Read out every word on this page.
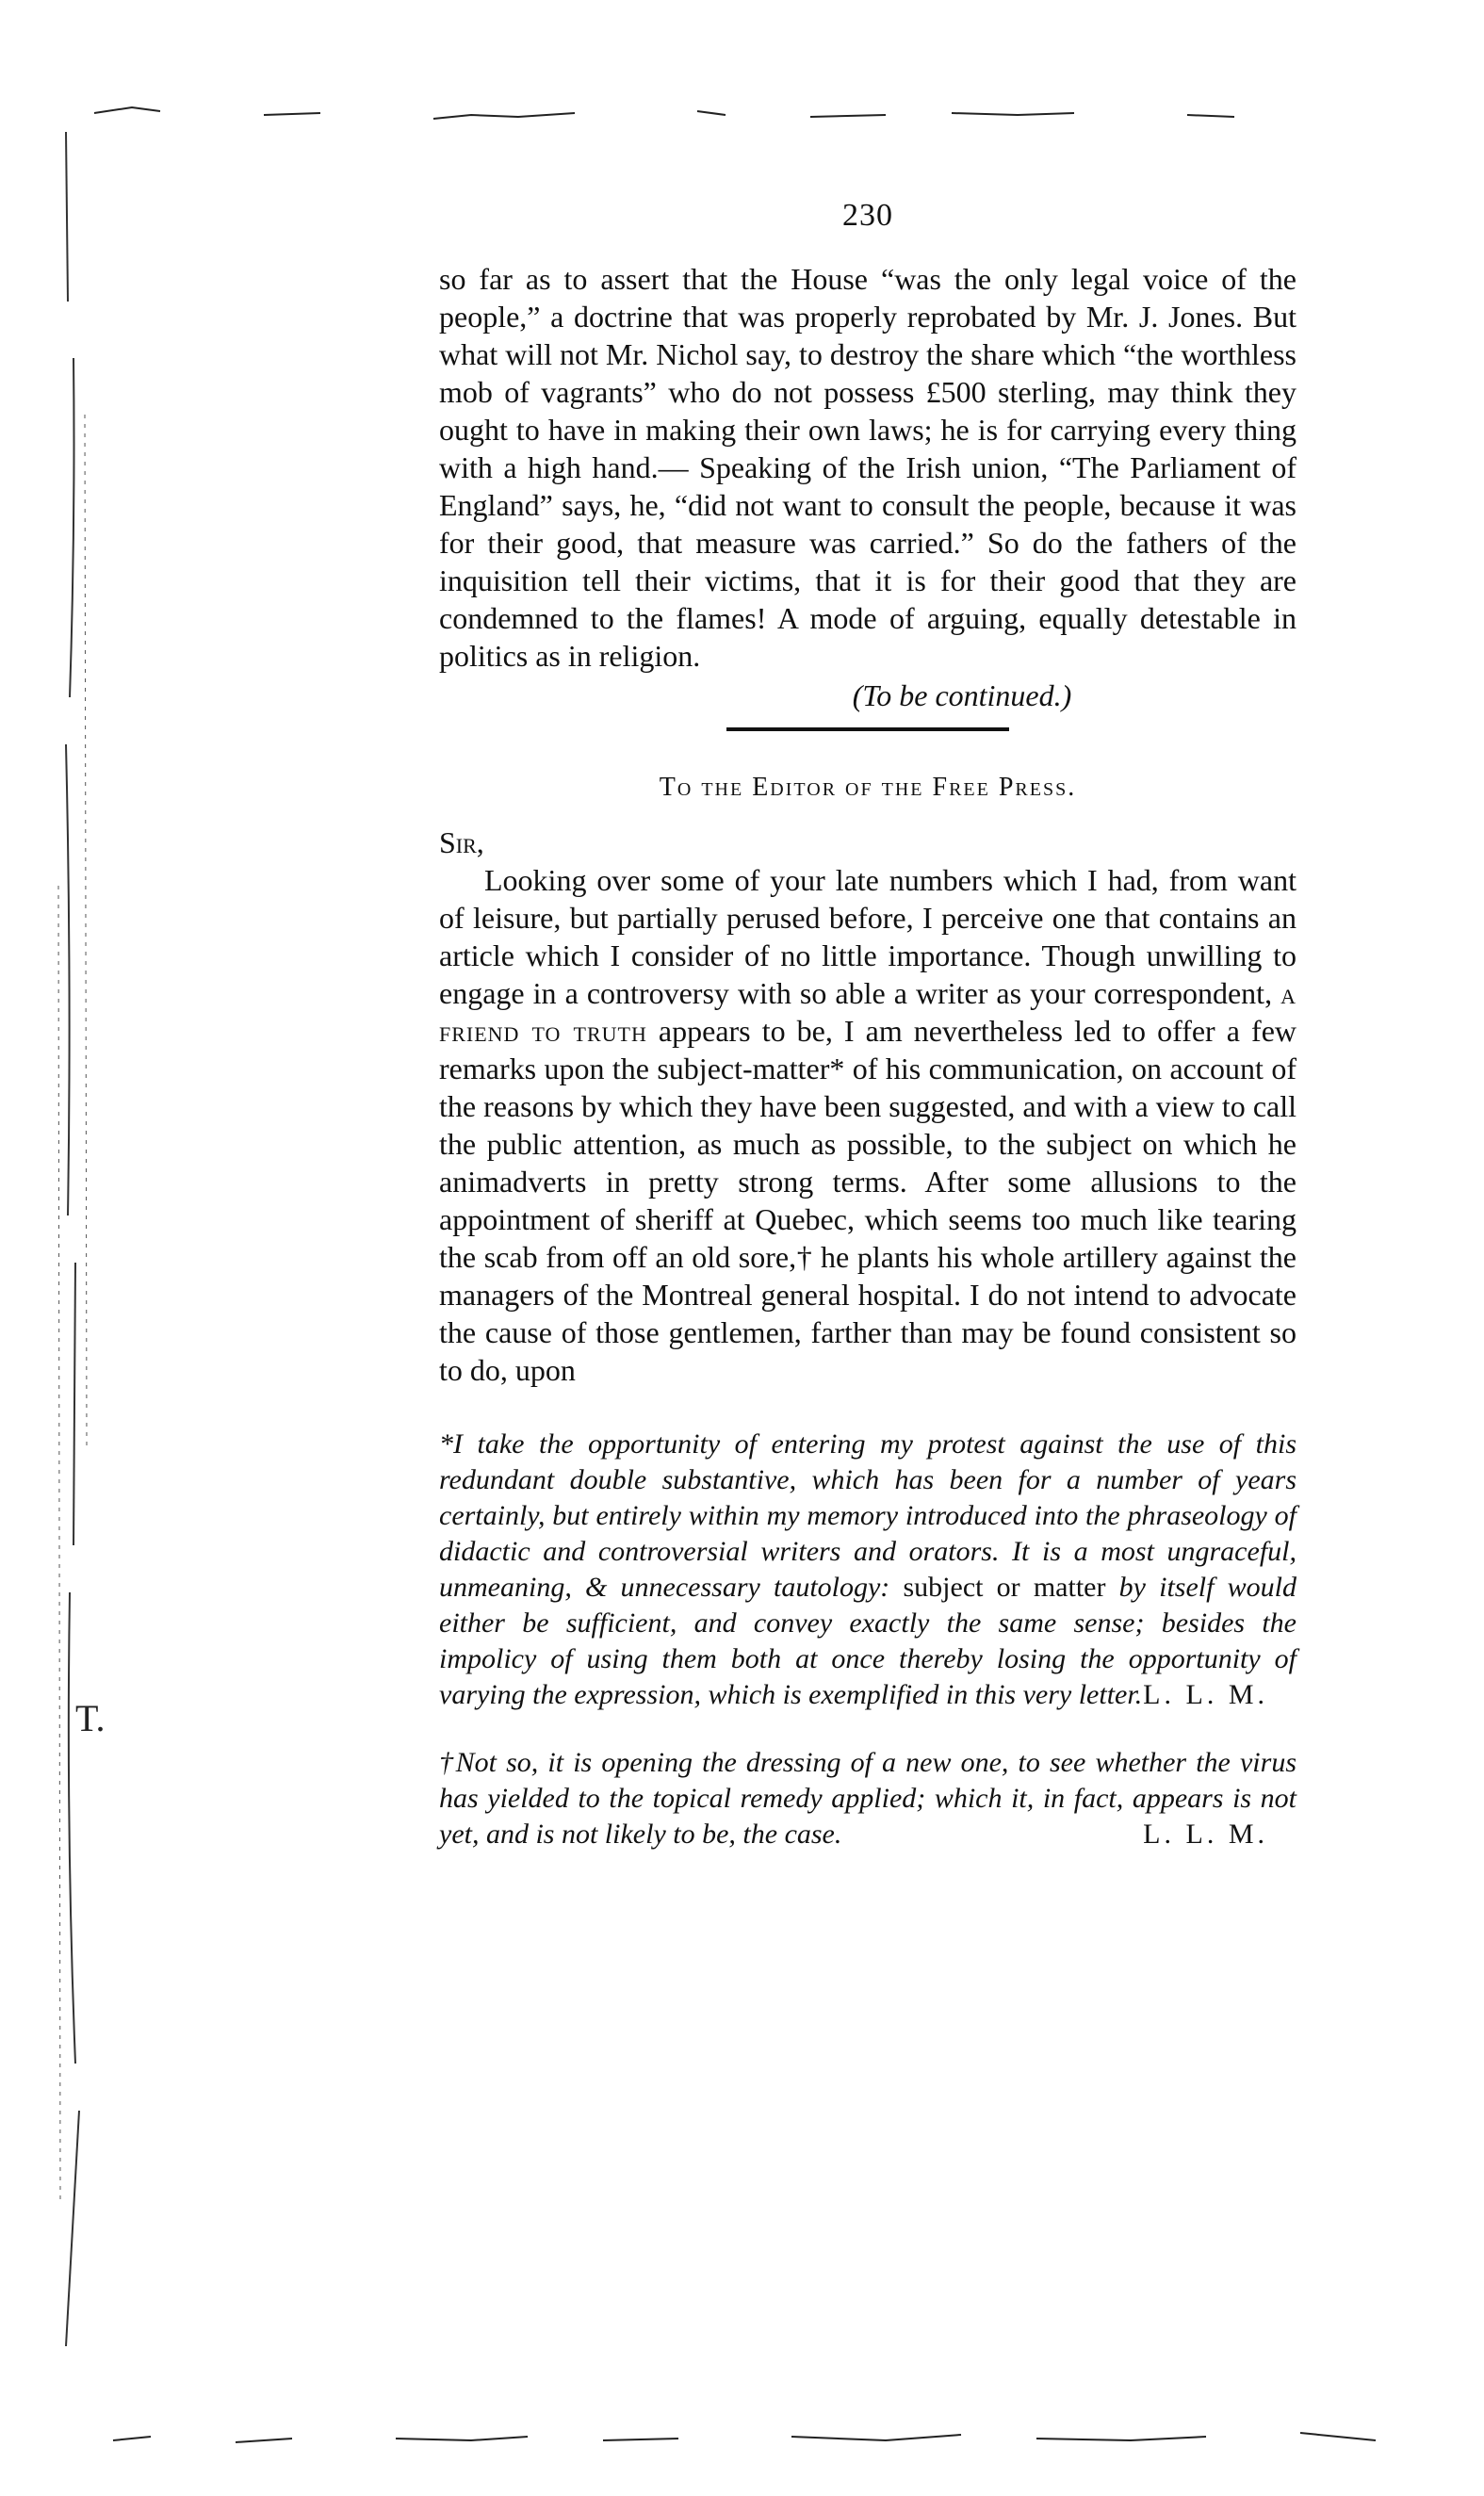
T.
230

so far as to assert that the House “was the only legal voice of the people,” a doctrine that was properly reprobated by Mr. J. Jones. But what will not Mr. Nichol say, to destroy the share which “the worthless mob of vagrants” who do not possess £500 sterling, may think they ought to have in making their own laws; he is for carrying every thing with a high hand.— Speaking of the Irish union, “The Parliament of England” says, he, “did not want to consult the people, because it was for their good, that measure was carried.” So do the fathers of the inquisition tell their victims, that it is for their good that they are condemned to the flames! A mode of arguing, equally detestable in politics as in religion.

(To be continued.)
To the Editor of the Free Press.

Sir,

Looking over some of your late numbers which I had, from want of leisure, but partially perused before, I perceive one that contains an article which I consider of no little importance. Though unwilling to engage in a controversy with so able a writer as your correspondent, a friend to truth appears to be, I am nevertheless led to offer a few remarks upon the subject-matter* of his communication, on account of the reasons by which they have been suggested, and with a view to call the public attention, as much as possible, to the subject on which he animadverts in pretty strong terms. After some allusions to the appointment of sheriff at Quebec, which seems too much like tearing the scab from off an old sore,† he plants his whole artillery against the managers of the Montreal general hospital. I do not intend to advocate the cause of those gentlemen, farther than may be found consistent so to do, upon

*I take the opportunity of entering my protest against the use of this redundant double substantive, which has been for a number of years certainly, but entirely within my memory introduced into the phraseology of didactic and controversial writers and orators. It is a most ungraceful, unmeaning, & unnecessary tautology: subject or matter by itself would either be sufficient, and convey exactly the same sense; besides the impolicy of using them both at once thereby losing the opportunity of varying the expression, which is exemplified in this very letter. L. L. M.
†Not so, it is opening the dressing of a new one, to see whether the virus has yielded to the topical remedy applied; which it, in fact, appears is not yet, and is not likely to be, the case.	L. L. M.
